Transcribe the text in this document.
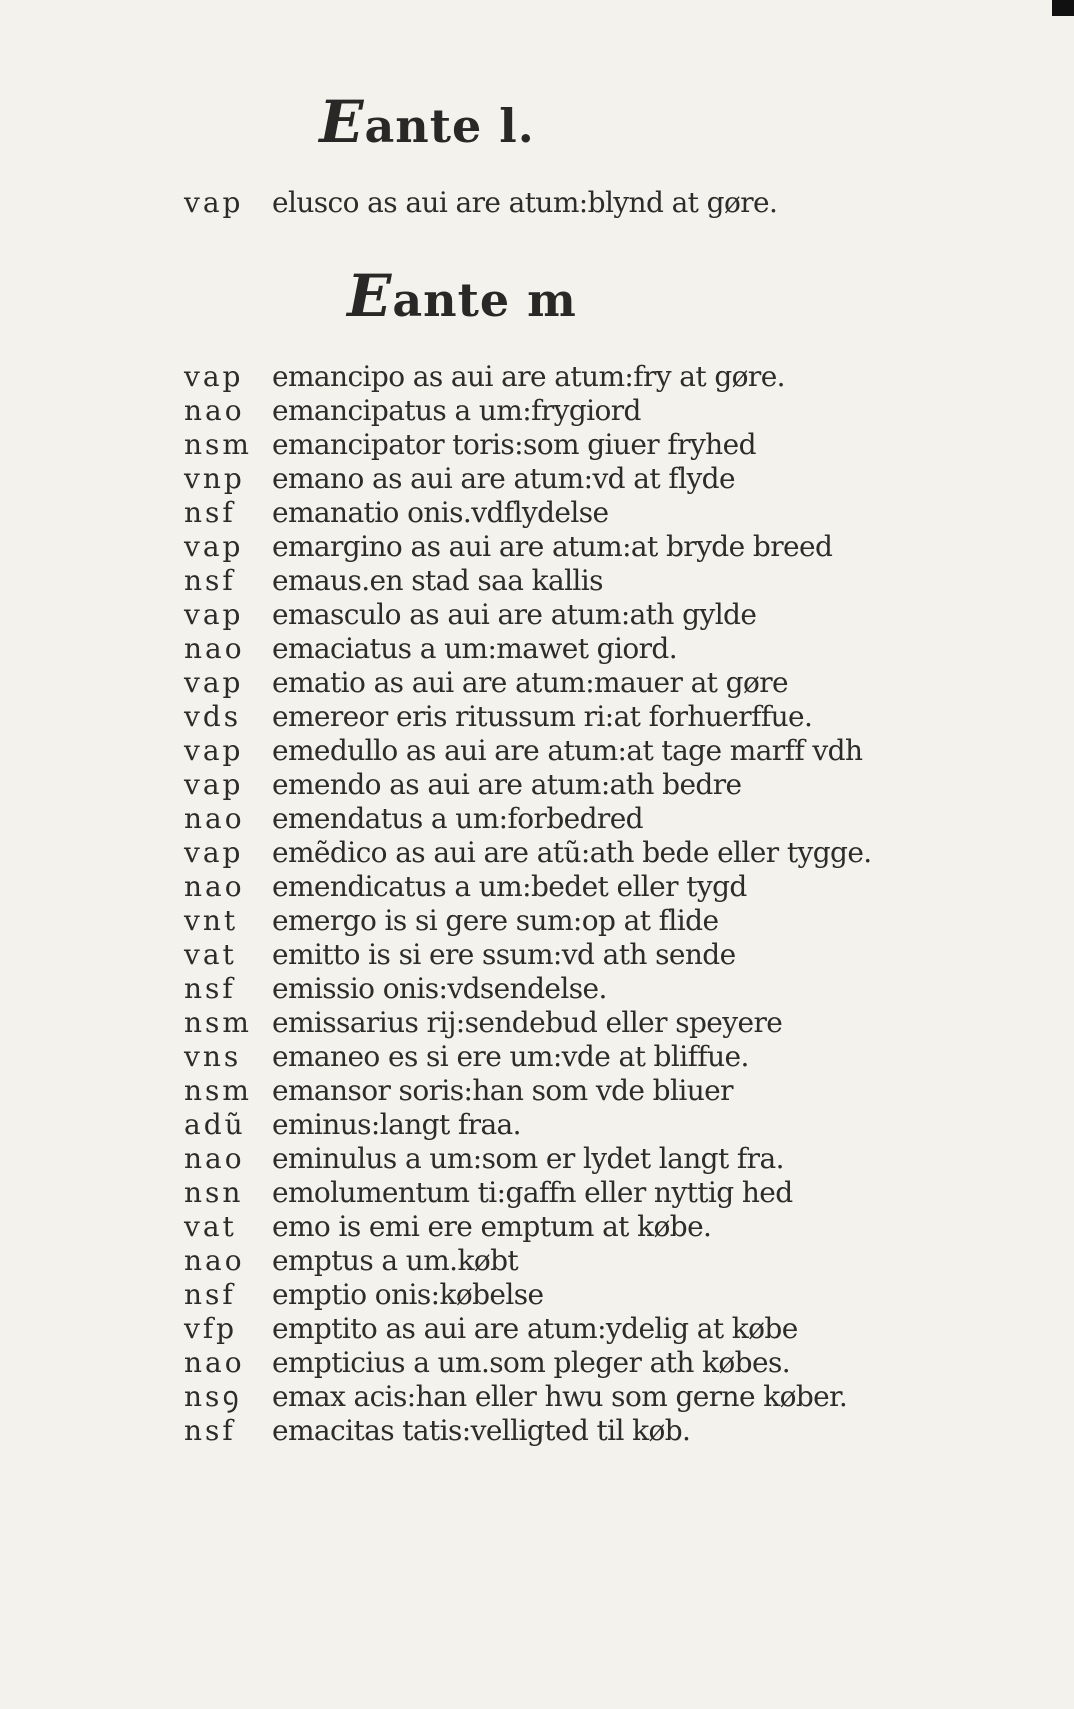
Eante l.
vap elusco as aui are atum:blynd at gøre.
Eante m
vap emancipo as aui are atum:fry at gøre.
nao emancipatus a um:frygiord
nsm emancipator toris:som giuer fryhed
vnp emano as aui are atum:vd at flyde
nsf emanatio onis.vdflydelse
vap emargino as aui are atum:at bryde breed
nsf emaus.en stad saa kallis
vap emasculo as aui are atum:ath gylde
nao emaciatus a um:mawet giord.
vap ematio as aui are atum:mauer at gøre
vds emereor eris ritussum ri:at forhuerffue.
vap emedullo as aui are atum:at tage marff vdh
vap emendo as aui are atum:ath bedre
nao emendatus a um:forbedred
vap emẽdico as aui are atũ:ath bede eller tygge.
nao emendicatus a um:bedet eller tygd
vnt emergo is si gere sum:op at flide
vat emitto is si ere ssum:vd ath sende
nsf emissio onis:vdsendelse.
nsm emissarius rij:sendebud eller speyere
vns emaneo es si ere um:vde at bliffue.
nsm emansor soris:han som vde bliuer
adũ eminus:langt fraa.
nao eminulus a um:som er lydet langt fra.
nsn emolumentum ti:gaffn eller nyttig hed
vat emo is emi ere emptum at købe.
nao emptus a um.købt
nsf emptio onis:købelse
vfp emptito as aui are atum:ydelig at købe
nao empticius a um.som pleger ath købes.
nsꝯ emax acis:han eller hwu som gerne køber.
nsf emacitas tatis:velligted til køb.
